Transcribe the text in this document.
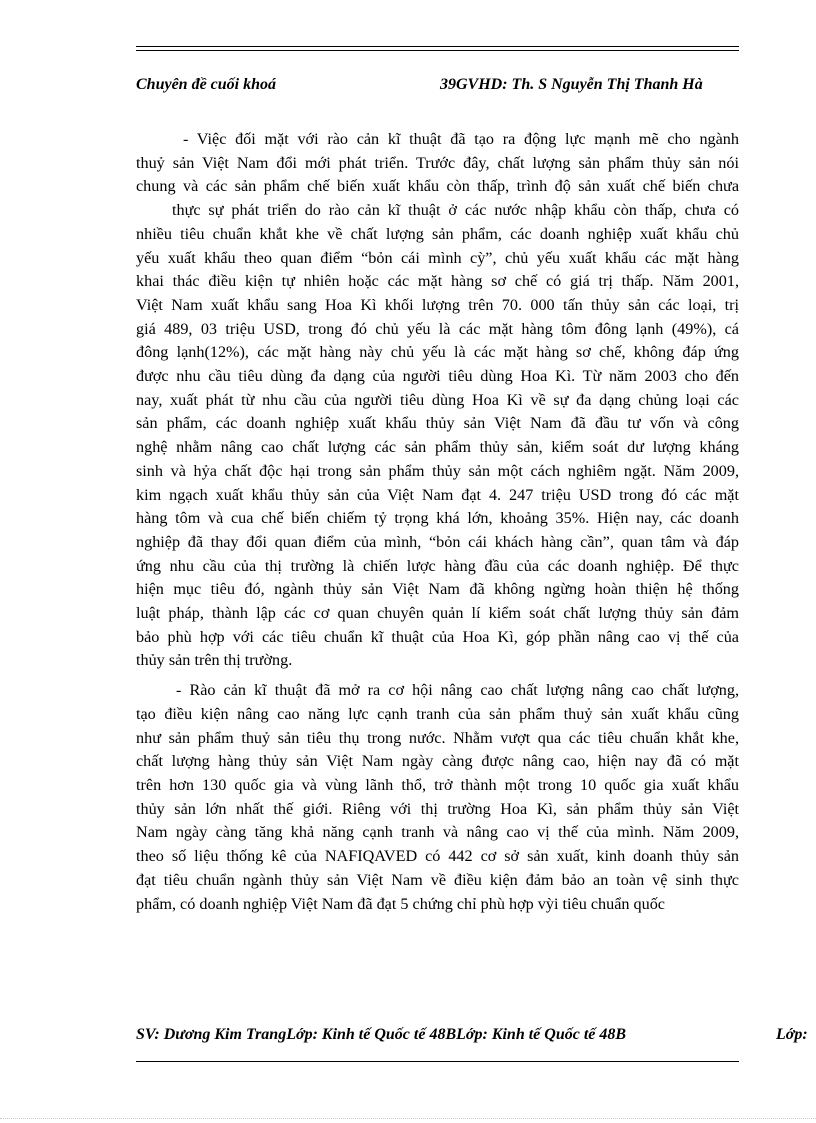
Chuyên đề cuối khoá	39GVHD: Th. S Nguyễn Thị Thanh Hà
- Việc đối mặt với rào cản kĩ thuật đã tạo ra động lực mạnh mẽ cho ngành
thuỷ sản Việt Nam đổi mới phát triển. Trước đây, chất lượng sản phẩm thủy sản nói
chung và các sản phẩm chế biến xuất khẩu còn thấp, trình độ sản xuất chế biến chưa
thực sự phát triển do rào cản kĩ thuật ở các nước nhập khẩu còn thấp, chưa có
nhiều tiêu chuẩn khắt khe về chất lượng sản phẩm, các doanh nghiệp xuất khẩu chủ
yếu xuất khẩu theo quan điểm “bỏn cái mình cỳ”, chủ yếu xuất khẩu các mặt hàng
khai thác điều kiện tự nhiên hoặc các mặt hàng sơ chế có giá trị thấp. Năm 2001,
Việt Nam xuất khẩu sang Hoa Kì khối lượng trên 70. 000 tấn thủy sản các loại, trị
giá 489, 03 triệu USD, trong đó chủ yếu là các mặt hàng tôm đông lạnh (49%), cá
đông lạnh(12%), các mặt hàng này chủ yếu là các mặt hàng sơ chế, không đáp ứng
được nhu cầu tiêu dùng đa dạng của người tiêu dùng Hoa Kì. Từ năm 2003 cho đến
nay, xuất phát từ nhu cầu của người tiêu dùng Hoa Kì về sự đa dạng chủng loại các
sản phẩm, các doanh nghiệp xuất khẩu thủy sản Việt Nam đã đầu tư vốn và công
nghệ nhằm nâng cao chất lượng các sản phẩm thủy sản, kiểm soát dư lượng kháng
sinh và hỷa chất độc hại trong sản phẩm thủy sản một cách nghiêm ngặt. Năm 2009,
kim ngạch xuất khẩu thủy sản của Việt Nam đạt 4. 247 triệu USD trong đó các mặt
hàng tôm và cua chế biến chiếm tỷ trọng khá lớn, khoảng 35%. Hiện nay, các doanh
nghiệp đã thay đổi quan điểm của mình, “bỏn cái khách hàng cần”, quan tâm và đáp
ứng nhu cầu của thị trường là chiến lược hàng đầu của các doanh nghiệp. Để thực
hiện mục tiêu đó, ngành thủy sản Việt Nam đã không ngừng hoàn thiện hệ thống
luật pháp, thành lập các cơ quan chuyên quản lí kiểm soát chất lượng thủy sản đảm
bảo phù hợp với các tiêu chuẩn kĩ thuật của Hoa Kì, góp phần nâng cao vị thế của
thủy sản trên thị trường.
- Rào cản kĩ thuật đã mở ra cơ hội nâng cao chất lượng nâng cao chất lượng,
tạo điều kiện nâng cao năng lực cạnh tranh của sản phẩm thuỷ sản xuất khẩu cũng
như sản phẩm thuỷ sản tiêu thụ trong nước. Nhằm vượt qua các tiêu chuẩn khắt khe,
chất lượng hàng thủy sản Việt Nam ngày càng được nâng cao, hiện nay đã có mặt
trên hơn 130 quốc gia và vùng lãnh thổ, trở thành một trong 10 quốc gia xuất khẩu
thủy sản lớn nhất thế giới. Riêng với thị trường Hoa Kì, sản phẩm thủy sản Việt
Nam ngày càng tăng khả năng cạnh tranh và nâng cao vị thế của mình. Năm 2009,
theo số liệu thống kê của NAFIQAVED có 442 cơ sở sản xuất, kinh doanh thủy sản
đạt tiêu chuẩn ngành thủy sản Việt Nam về điều kiện đảm bảo an toàn vệ sinh thực
phẩm, có doanh nghiệp Việt Nam đã đạt 5 chứng chỉ phù hợp vỳi tiêu chuẩn quốc
SV: Dương Kim TrangLớp: Kinh tế Quốc tế 48BLớp: Kinh tế Quốc tế 48B	Lớp:
